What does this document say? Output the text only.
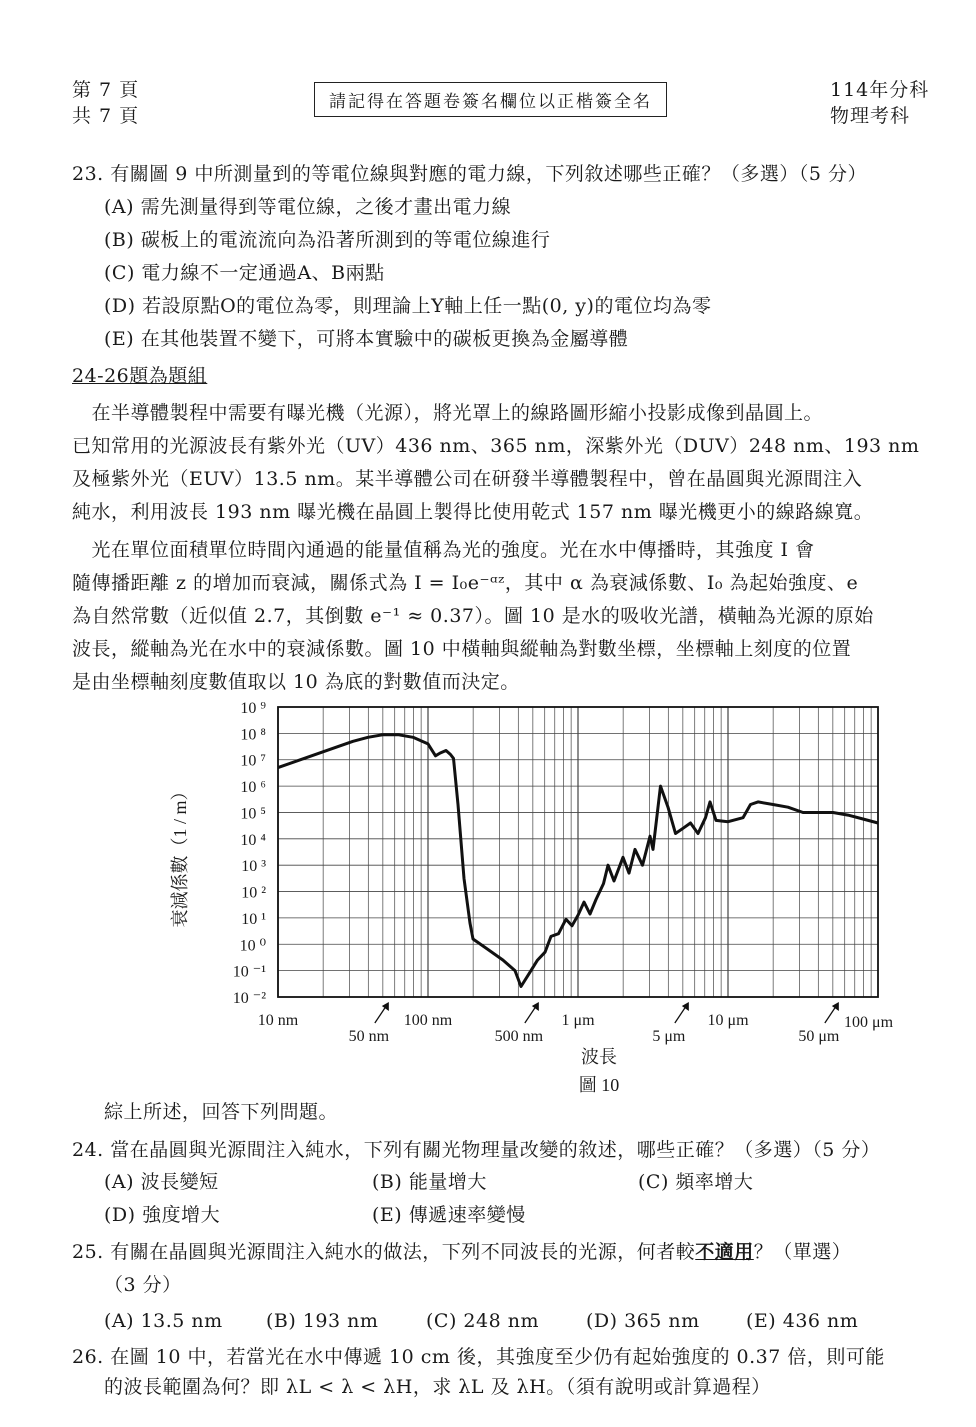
第 7 頁
共 7 頁
請記得在答題卷簽名欄位以正楷簽全名
114年分科
物理考科
23. 有關圖 9 中所測量到的等電位線與對應的電力線，下列敘述哪些正確？（多選）（5 分）
(A) 需先測量得到等電位線，之後才畫出電力線
(B) 碳板上的電流流向為沿著所測到的等電位線進行
(C) 電力線不一定通過A、B兩點
(D) 若設原點O的電位為零，則理論上Y軸上任一點(0, y)的電位均為零
(E) 在其他裝置不變下，可將本實驗中的碳板更換為金屬導體
24-26題為題組
　在半導體製程中需要有曝光機（光源），將光罩上的線路圖形縮小投影成像到晶圓上。
已知常用的光源波長有紫外光（UV）436 nm、365 nm，深紫外光（DUV）248 nm、193 nm
及極紫外光（EUV）13.5 nm。某半導體公司在研發半導體製程中，曾在晶圓與光源間注入
純水，利用波長 193 nm 曝光機在晶圓上製得比使用乾式 157 nm 曝光機更小的線路線寬。
　光在單位面積單位時間內通過的能量值稱為光的強度。光在水中傳播時，其強度 I 會
隨傳播距離 z 的增加而衰減，關係式為 I = I₀e⁻ᵅᶻ，其中 α 為衰減係數、I₀ 為起始強度、e
為自然常數（近似值 2.7，其倒數 e⁻¹ ≈ 0.37）。圖 10 是水的吸收光譜，橫軸為光源的原始
波長，縱軸為光在水中的衰減係數。圖 10 中橫軸與縱軸為對數坐標，坐標軸上刻度的位置
是由坐標軸刻度數值取以 10 為底的對數值而決定。
10 ⁹
10 ⁸
10 ⁷
10 ⁶
10 ⁵
10 ⁴
10 ³
10 ²
10 ¹
10 ⁰
10 ⁻¹
10 ⁻²
10 nm	100 nm	1 μm	10 μm	100 μm
50 nm	500 nm	5 μm	50 μm
衰減係數（1 / m）
波長
圖 10
綜上所述，回答下列問題。
24. 當在晶圓與光源間注入純水，下列有關光物理量改變的敘述，哪些正確？（多選）（5 分）
(A) 波長變短	(B) 能量增大	(C) 頻率增大
(D) 強度增大	(E) 傳遞速率變慢
25. 有關在晶圓與光源間注入純水的做法，下列不同波長的光源，何者較不適用？（單選）
（3 分）
(A) 13.5 nm (B) 193 nm	(C) 248 nm (D) 365 nm (E) 436 nm
26. 在圖 10 中，若當光在水中傳遞 10 cm 後，其強度至少仍有起始強度的 0.37 倍，則可能
的波長範圍為何？即 λL < λ < λH，求 λL 及 λH。（須有說明或計算過程）
